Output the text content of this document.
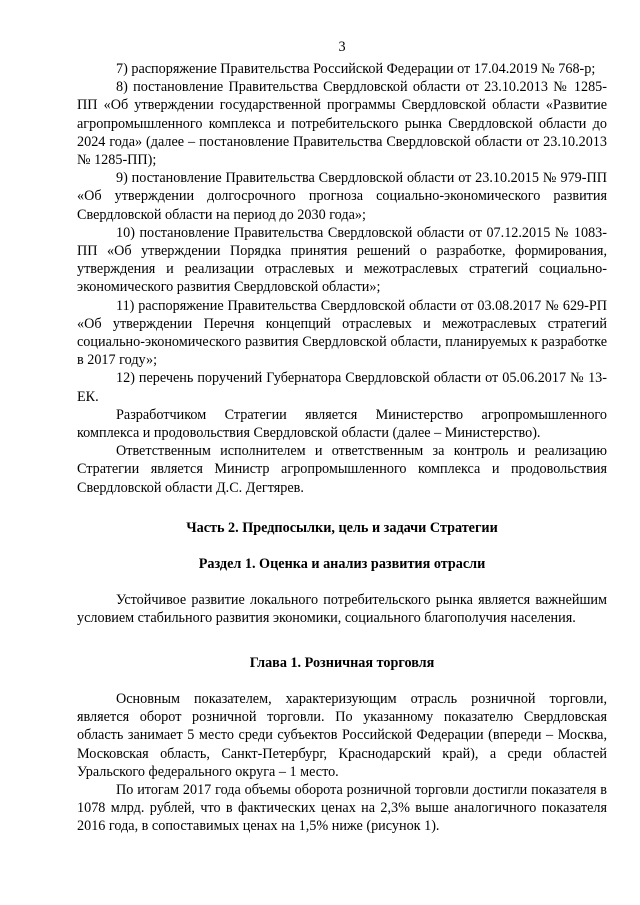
3

7) распоряжение Правительства Российской Федерации от 17.04.2019 № 768-р;

8) постановление Правительства Свердловской области от 23.10.2013 № 1285-ПП «Об утверждении государственной программы Свердловской области «Развитие агропромышленного комплекса и потребительского рынка Свердловской области до 2024 года» (далее – постановление Правительства Свердловской области от 23.10.2013 № 1285-ПП);

9) постановление Правительства Свердловской области от 23.10.2015 № 979-ПП «Об утверждении долгосрочного прогноза социально-экономического развития Свердловской области на период до 2030 года»;

10) постановление Правительства Свердловской области от 07.12.2015 № 1083-ПП «Об утверждении Порядка принятия решений о разработке, формирования, утверждения и реализации отраслевых и межотраслевых стратегий социально-экономического развития Свердловской области»;

11) распоряжение Правительства Свердловской области от 03.08.2017 № 629-РП «Об утверждении Перечня концепций отраслевых и межотраслевых стратегий социально-экономического развития Свердловской области, планируемых к разработке в 2017 году»;

12) перечень поручений Губернатора Свердловской области от 05.06.2017 № 13-ЕК.

Разработчиком Стратегии является Министерство агропромышленного комплекса и продовольствия Свердловской области (далее – Министерство).

Ответственным исполнителем и ответственным за контроль и реализацию Стратегии является Министр агропромышленного комплекса и продовольствия Свердловской области Д.С. Дегтярев.

Часть 2. Предпосылки, цель и задачи Стратегии
Раздел 1. Оценка и анализ развития отрасли

Устойчивое развитие локального потребительского рынка является важнейшим условием стабильного развития экономики, социального благополучия населения.

Глава 1. Розничная торговля

Основным показателем, характеризующим отрасль розничной торговли, является оборот розничной торговли. По указанному показателю Свердловская область занимает 5 место среди субъектов Российской Федерации (впереди – Москва, Московская область, Санкт-Петербург, Краснодарский край), а среди областей Уральского федерального округа – 1 место.

По итогам 2017 года объемы оборота розничной торговли достигли показателя в 1078 млрд. рублей, что в фактических ценах на 2,3% выше аналогичного показателя 2016 года, в сопоставимых ценах на 1,5% ниже (рисунок 1).
